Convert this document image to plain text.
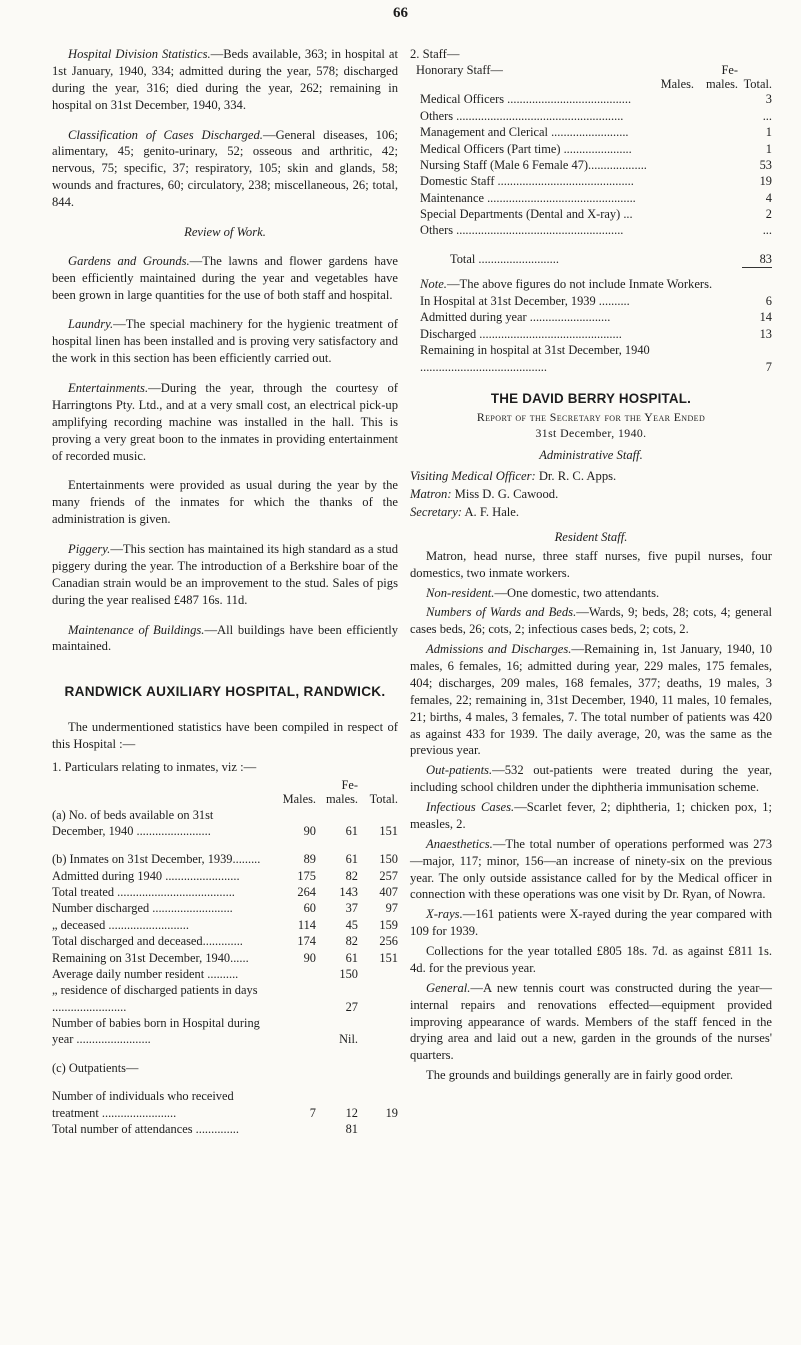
66

Hospital Division Statistics.—Beds available, 363; in hospital at 1st January, 1940, 334; admitted during the year, 578; discharged during the year, 316; died during the year, 262; remaining in hospital on 31st December, 1940, 334.

Classification of Cases Discharged.—General diseases, 106; alimentary, 45; genito-urinary, 52; osseous and arthritic, 42; nervous, 75; specific, 37; respiratory, 105; skin and glands, 58; wounds and fractures, 60; circulatory, 238; miscellaneous, 26; total, 844.

Review of Work.

Gardens and Grounds.—The lawns and flower gardens have been efficiently maintained during the year and vegetables have been grown in large quantities for the use of both staff and hospital.

Laundry.—The special machinery for the hygienic treatment of hospital linen has been installed and is proving very satisfactory and the work in this section has been efficiently carried out.

Entertainments.—During the year, through the courtesy of Harringtons Pty. Ltd., and at a very small cost, an electrical pick-up amplifying recording machine was installed in the hall. This is proving a very great boon to the inmates in providing entertainment of recorded music.

Entertainments were provided as usual during the year by the many friends of the inmates for which the thanks of the administration is given.

Piggery.—This section has maintained its high standard as a stud piggery during the year. The introduction of a Berkshire boar of the Canadian strain would be an improvement to the stud. Sales of pigs during the year realised £487 16s. 11d.

Maintenance of Buildings.—All buildings have been efficiently maintained.

RANDWICK AUXILIARY HOSPITAL, RANDWICK.

The undermentioned statistics have been compiled in respect of this Hospital :—

1. Particulars relating to inmates, viz :—

	Males.	Fe-
males.	Total.
(a) No. of beds available on 31st December, 1940 ........................	90	61	151

(b) Inmates on 31st December, 1939.........	89	61	150
Admitted during 1940 ........................	175	82	257
Total treated ......................................	264	143	407
Number discharged ..........................	60	37	97
„ deceased ..........................	114	45	159
Total discharged and deceased.............	174	82	256
Remaining on 31st December, 1940......	90	61	151
Average daily number resident ..........		150	
„ residence of discharged patients in days ........................		27	
Number of babies born in Hospital during year ........................		Nil.	

(c) Outpatients—			

Number of individuals who received treatment ........................	7	12	19
Total number of attendances ..............		81	

2. Staff—

Honorary Staff—	Males.	Fe-
males.	Total.
Medical Officers ........................................			3
Others ......................................................			...
Management and Clerical .........................			1
Medical Officers (Part time) ......................			1
Nursing Staff (Male 6 Female 47)...................			53
Domestic Staff ............................................			19
Maintenance ................................................			4
Special Departments (Dental and X-ray) ...			2
Others ......................................................			...

Total ..........................			83

Note.—The above figures do not include Inmate Workers.

In Hospital at 31st December, 1939 ..........	6
Admitted during year ..........................	14
Discharged ..............................................	13
Remaining in hospital at 31st December, 1940 .........................................	7
THE DAVID BERRY HOSPITAL.
Report of the Secretary for the Year Ended
31st December, 1940.
Administrative Staff.

Visiting Medical Officer: Dr. R. C. Apps.

Matron: Miss D. G. Cawood.

Secretary: A. F. Hale.

Resident Staff.

Matron, head nurse, three staff nurses, five pupil nurses, four domestics, two inmate workers.

Non-resident.—One domestic, two attendants.

Numbers of Wards and Beds.—Wards, 9; beds, 28; cots, 4; general cases beds, 26; cots, 2; infectious cases beds, 2; cots, 2.

Admissions and Discharges.—Remaining in, 1st January, 1940, 10 males, 6 females, 16; admitted during year, 229 males, 175 females, 404; discharges, 209 males, 168 females, 377; deaths, 19 males, 3 females, 22; remaining in, 31st December, 1940, 11 males, 10 females, 21; births, 4 males, 3 females, 7. The total number of patients was 420 as against 433 for 1939. The daily average, 20, was the same as the previous year.

Out-patients.—532 out-patients were treated during the year, including school children under the diphtheria immunisation scheme.

Infectious Cases.—Scarlet fever, 2; diphtheria, 1; chicken pox, 1; measles, 2.

Anaesthetics.—The total number of operations performed was 273—major, 117; minor, 156—an increase of ninety-six on the previous year. The only outside assistance called for by the Medical officer in connection with these operations was one visit by Dr. Ryan, of Nowra.

X-rays.—161 patients were X-rayed during the year compared with 109 for 1939.

Collections for the year totalled £805 18s. 7d. as against £811 1s. 4d. for the previous year.

General.—A new tennis court was constructed during the year—internal repairs and renovations effected—equipment provided improving appearance of wards. Members of the staff fenced in the drying area and laid out a new, garden in the grounds of the nurses' quarters.

The grounds and buildings generally are in fairly good order.
